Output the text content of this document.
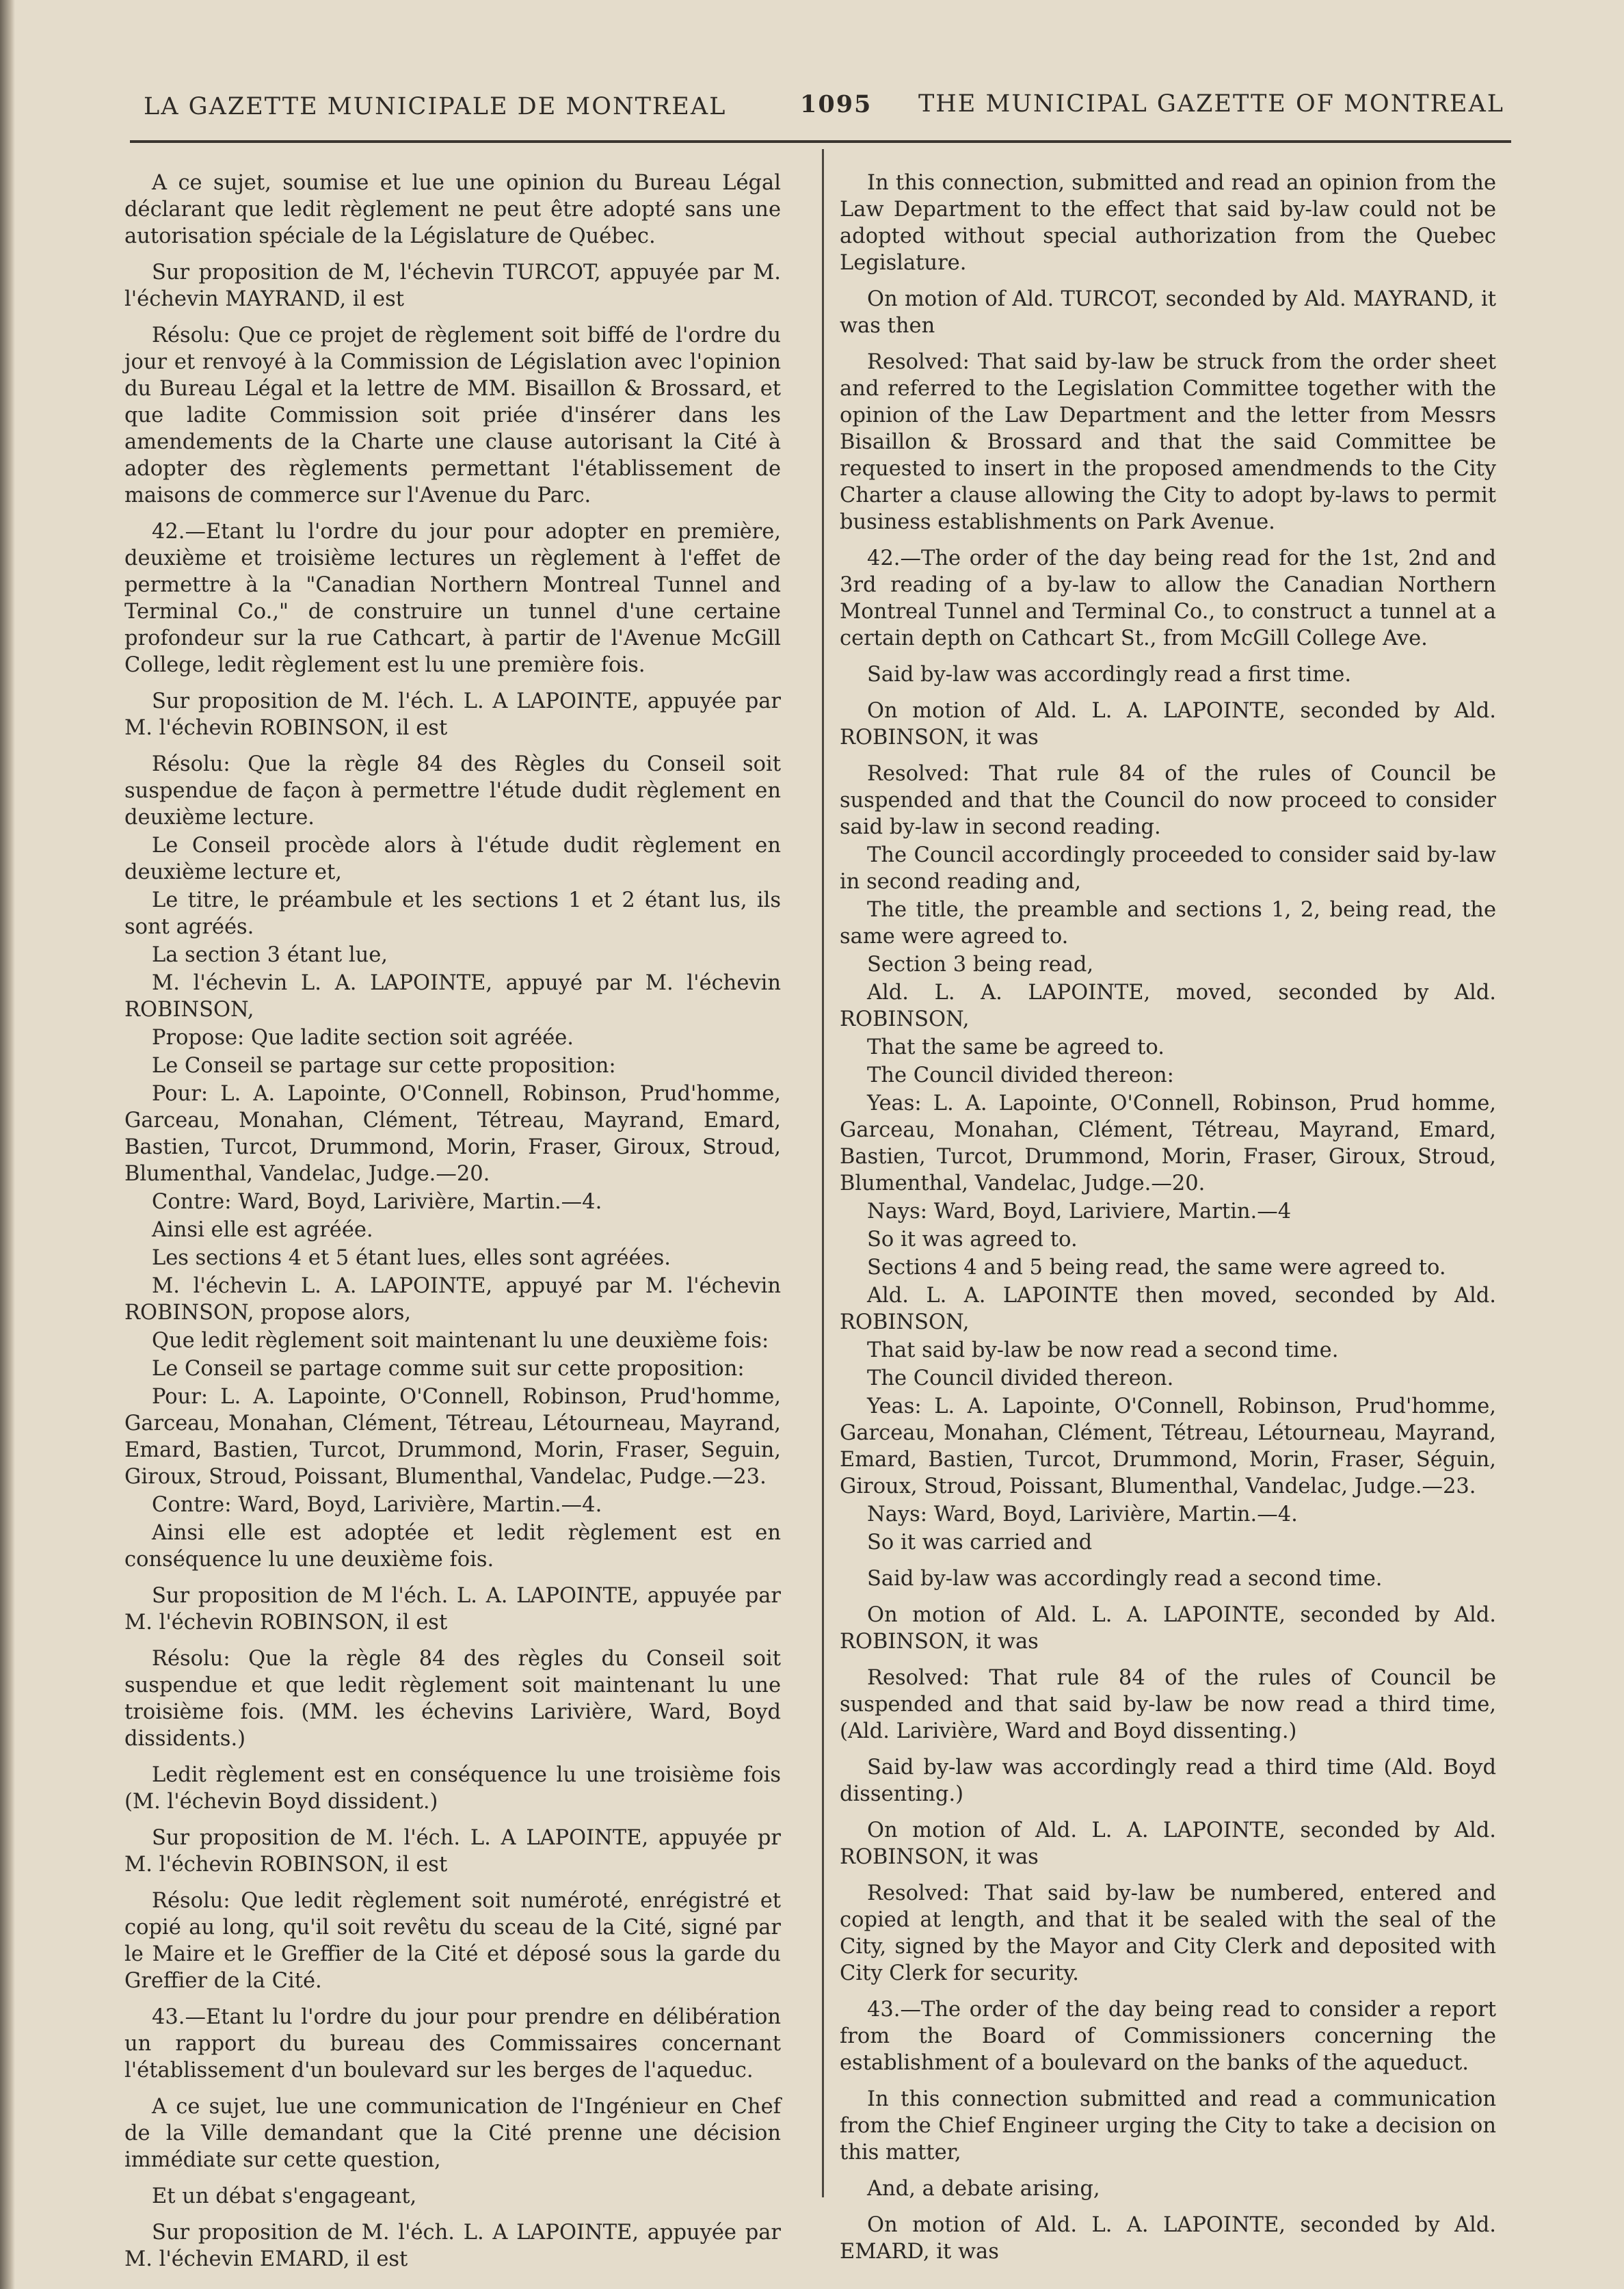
LA GAZETTE MUNICIPALE DE MONTREAL	1095 THE MUNICIPAL GAZETTE OF MONTREAL

A ce sujet, soumise et lue une opinion du Bureau Légal déclarant que ledit règlement ne peut être adopté sans une autorisation spéciale de la Législature de Québec.

Sur proposition de M, l'échevin TURCOT, appuyée par M. l'échevin MAYRAND, il est

Résolu: Que ce projet de règlement soit biffé de l'ordre du jour et renvoyé à la Commission de Législation avec l'opinion du Bureau Légal et la lettre de MM. Bisaillon & Brossard, et que ladite Commission soit priée d'insérer dans les amendements de la Charte une clause autorisant la Cité à adopter des règlements permettant l'établissement de maisons de commerce sur l'Avenue du Parc.

42.—Etant lu l'ordre du jour pour adopter en première, deuxième et troisième lectures un règlement à l'effet de permettre à la "Canadian Northern Montreal Tunnel and Terminal Co.," de construire un tunnel d'une certaine profondeur sur la rue Cathcart, à partir de l'Avenue McGill College, ledit règlement est lu une première fois.

Sur proposition de M. l'éch. L. A LAPOINTE, appuyée par M. l'échevin ROBINSON, il est

Résolu: Que la règle 84 des Règles du Conseil soit suspendue de façon à permettre l'étude dudit règlement en deuxième lecture.

Le Conseil procède alors à l'étude dudit règlement en deuxième lecture et,

Le titre, le préambule et les sections 1 et 2 étant lus, ils sont agréés.

La section 3 étant lue,

M. l'échevin L. A. LAPOINTE, appuyé par M. l'échevin ROBINSON,

Propose: Que ladite section soit agréée.

Le Conseil se partage sur cette proposition:

Pour: L. A. Lapointe, O'Connell, Robinson, Prud'homme, Garceau, Monahan, Clément, Tétreau, Mayrand, Emard, Bastien, Turcot, Drummond, Morin, Fraser, Giroux, Stroud, Blumenthal, Vandelac, Judge.—20.

Contre: Ward, Boyd, Larivière, Martin.—4.

Ainsi elle est agréée.

Les sections 4 et 5 étant lues, elles sont agréées.

M. l'échevin L. A. LAPOINTE, appuyé par M. l'échevin ROBINSON, propose alors,

Que ledit règlement soit maintenant lu une deuxième fois:

Le Conseil se partage comme suit sur cette proposition:

Pour: L. A. Lapointe, O'Connell, Robinson, Prud'homme, Garceau, Monahan, Clément, Tétreau, Létourneau, Mayrand, Emard, Bastien, Turcot, Drummond, Morin, Fraser, Seguin, Giroux, Stroud, Poissant, Blumenthal, Vandelac, Pudge.—23.

Contre: Ward, Boyd, Larivière, Martin.—4.

Ainsi elle est adoptée et ledit règlement est en conséquence lu une deuxième fois.

Sur proposition de M l'éch. L. A. LAPOINTE, appuyée par M. l'échevin ROBINSON, il est

Résolu: Que la règle 84 des règles du Conseil soit suspendue et que ledit règlement soit maintenant lu une troisième fois. (MM. les échevins Larivière, Ward, Boyd dissidents.)

Ledit règlement est en conséquence lu une troisième fois (M. l'échevin Boyd dissident.)

Sur proposition de M. l'éch. L. A LAPOINTE, appuyée pr M. l'échevin ROBINSON, il est

Résolu: Que ledit règlement soit numéroté, enrégistré et copié au long, qu'il soit revêtu du sceau de la Cité, signé par le Maire et le Greffier de la Cité et déposé sous la garde du Greffier de la Cité.

43.—Etant lu l'ordre du jour pour prendre en délibération un rapport du bureau des Commissaires concernant l'établissement d'un boulevard sur les berges de l'aqueduc.

A ce sujet, lue une communication de l'Ingénieur en Chef de la Ville demandant que la Cité prenne une décision immédiate sur cette question,

Et un débat s'engageant,

Sur proposition de M. l'éch. L. A LAPOINTE, appuyée par M. l'échevin EMARD, il est

In this connection, submitted and read an opinion from the Law Department to the effect that said by-law could not be adopted without special authorization from the Quebec Legislature.

On motion of Ald. TURCOT, seconded by Ald. MAYRAND, it was then

Resolved: That said by-law be struck from the order sheet and referred to the Legislation Committee together with the opinion of the Law Department and the letter from Messrs Bisaillon & Brossard and that the said Committee be requested to insert in the proposed amendmends to the City Charter a clause allowing the City to adopt by-laws to permit business establishments on Park Avenue.

42.—The order of the day being read for the 1st, 2nd and 3rd reading of a by-law to allow the Canadian Northern Montreal Tunnel and Terminal Co., to construct a tunnel at a certain depth on Cathcart St., from McGill College Ave.

Said by-law was accordingly read a first time.

On motion of Ald. L. A. LAPOINTE, seconded by Ald. ROBINSON, it was

Resolved: That rule 84 of the rules of Council be suspended and that the Council do now proceed to consider said by-law in second reading.

The Council accordingly proceeded to consider said by-law in second reading and,

The title, the preamble and sections 1, 2, being read, the same were agreed to.

Section 3 being read,

Ald. L. A. LAPOINTE, moved, seconded by Ald. ROBINSON,

That the same be agreed to.

The Council divided thereon:

Yeas: L. A. Lapointe, O'Connell, Robinson, Prud homme, Garceau, Monahan, Clément, Tétreau, Mayrand, Emard, Bastien, Turcot, Drummond, Morin, Fraser, Giroux, Stroud, Blumenthal, Vandelac, Judge.—20.

Nays: Ward, Boyd, Lariviere, Martin.—4

So it was agreed to.

Sections 4 and 5 being read, the same were agreed to.

Ald. L. A. LAPOINTE then moved, seconded by Ald. ROBINSON,

That said by-law be now read a second time.

The Council divided thereon.

Yeas: L. A. Lapointe, O'Connell, Robinson, Prud'homme, Garceau, Monahan, Clément, Tétreau, Létourneau, Mayrand, Emard, Bastien, Turcot, Drummond, Morin, Fraser, Séguin, Giroux, Stroud, Poissant, Blumenthal, Vandelac, Judge.—23.

Nays: Ward, Boyd, Larivière, Martin.—4.

So it was carried and

Said by-law was accordingly read a second time.

On motion of Ald. L. A. LAPOINTE, seconded by Ald. ROBINSON, it was

Resolved: That rule 84 of the rules of Council be suspended and that said by-law be now read a third time, (Ald. Larivière, Ward and Boyd dissenting.)

Said by-law was accordingly read a third time (Ald. Boyd dissenting.)

On motion of Ald. L. A. LAPOINTE, seconded by Ald. ROBINSON, it was

Resolved: That said by-law be numbered, entered and copied at length, and that it be sealed with the seal of the City, signed by the Mayor and City Clerk and deposited with City Clerk for security.

43.—The order of the day being read to consider a report from the Board of Commissioners concerning the establishment of a boulevard on the banks of the aqueduct.

In this connection submitted and read a communication from the Chief Engineer urging the City to take a decision on this matter,

And, a debate arising,

On motion of Ald. L. A. LAPOINTE, seconded by Ald. EMARD, it was
